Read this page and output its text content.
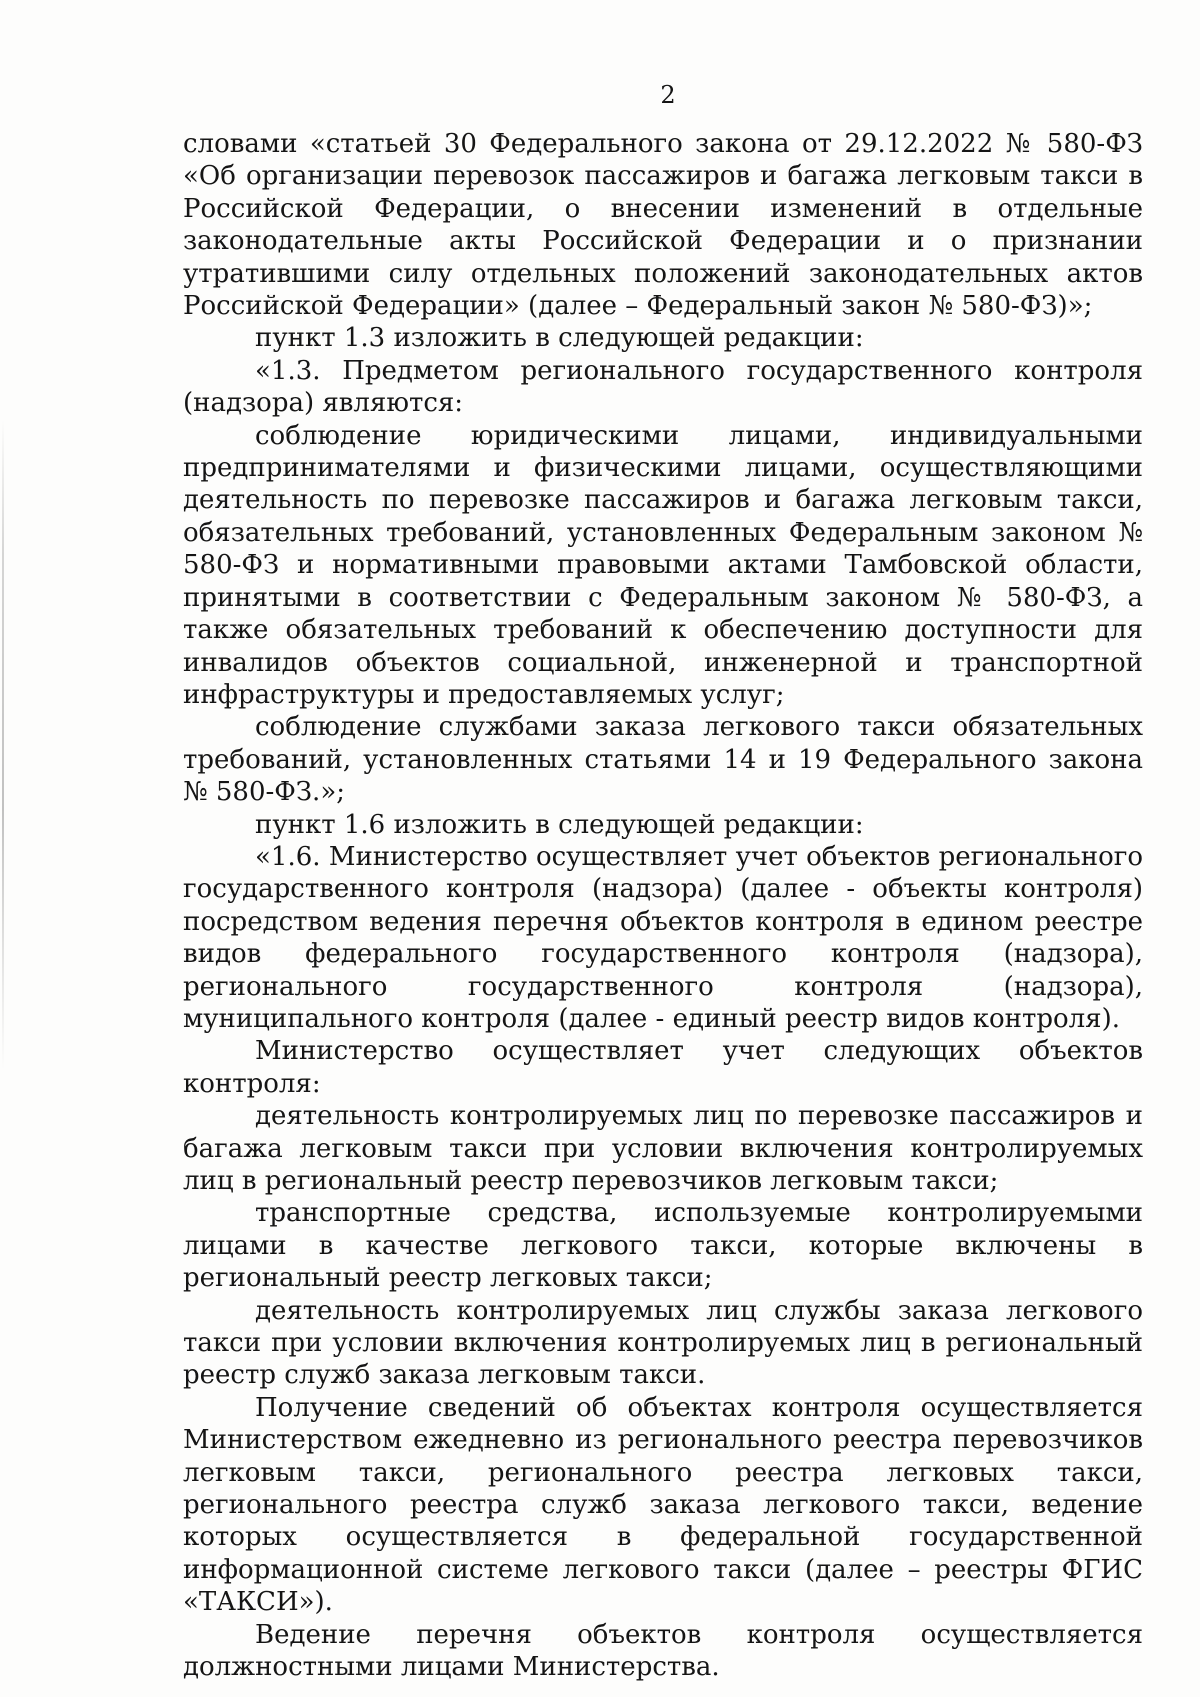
2

словами «статьей 30 Федерального закона от 29.12.2022 № 580-ФЗ «Об организации перевозок пассажиров и багажа легковым такси в Российской Федерации, о внесении изменений в отдельные законодательные акты Российской Федерации и о признании утратившими силу отдельных положений законодательных актов Российской Федерации» (далее – Федеральный закон № 580-ФЗ)»;

пункт 1.3 изложить в следующей редакции:

«1.3. Предметом регионального государственного контроля (надзора) являются:

соблюдение юридическими лицами, индивидуальными предпринимателями и физическими лицами, осуществляющими деятельность по перевозке пассажиров и багажа легковым такси, обязательных требований, установленных Федеральным законом № 580-ФЗ и нормативными правовыми актами Тамбовской области, принятыми в соответствии с Федеральным законом № 580-ФЗ, а также обязательных требований к обеспечению доступности для инвалидов объектов социальной, инженерной и транспортной инфраструктуры и предоставляемых услуг;

соблюдение службами заказа легкового такси обязательных требований, установленных статьями 14 и 19 Федерального закона № 580-ФЗ.»;

пункт 1.6 изложить в следующей редакции:

«1.6. Министерство осуществляет учет объектов регионального государственного контроля (надзора) (далее - объекты контроля) посредством ведения перечня объектов контроля в едином реестре видов федерального государственного контроля (надзора), регионального государственного контроля (надзора), муниципального контроля (далее - единый реестр видов контроля).

Министерство осуществляет учет следующих объектов контроля:

деятельность контролируемых лиц по перевозке пассажиров и багажа легковым такси при условии включения контролируемых лиц в региональный реестр перевозчиков легковым такси;

транспортные средства, используемые контролируемыми лицами в качестве легкового такси, которые включены в региональный реестр легковых такси;

деятельность контролируемых лиц службы заказа легкового такси при условии включения контролируемых лиц в региональный реестр служб заказа легковым такси.

Получение сведений об объектах контроля осуществляется Министерством ежедневно из регионального реестра перевозчиков легковым такси, регионального реестра легковых такси, регионального реестра служб заказа легкового такси, ведение которых осуществляется в федеральной государственной информационной системе легкового такси (далее – реестры ФГИС «ТАКСИ»).

Ведение перечня объектов контроля осуществляется должностными лицами Министерства.
